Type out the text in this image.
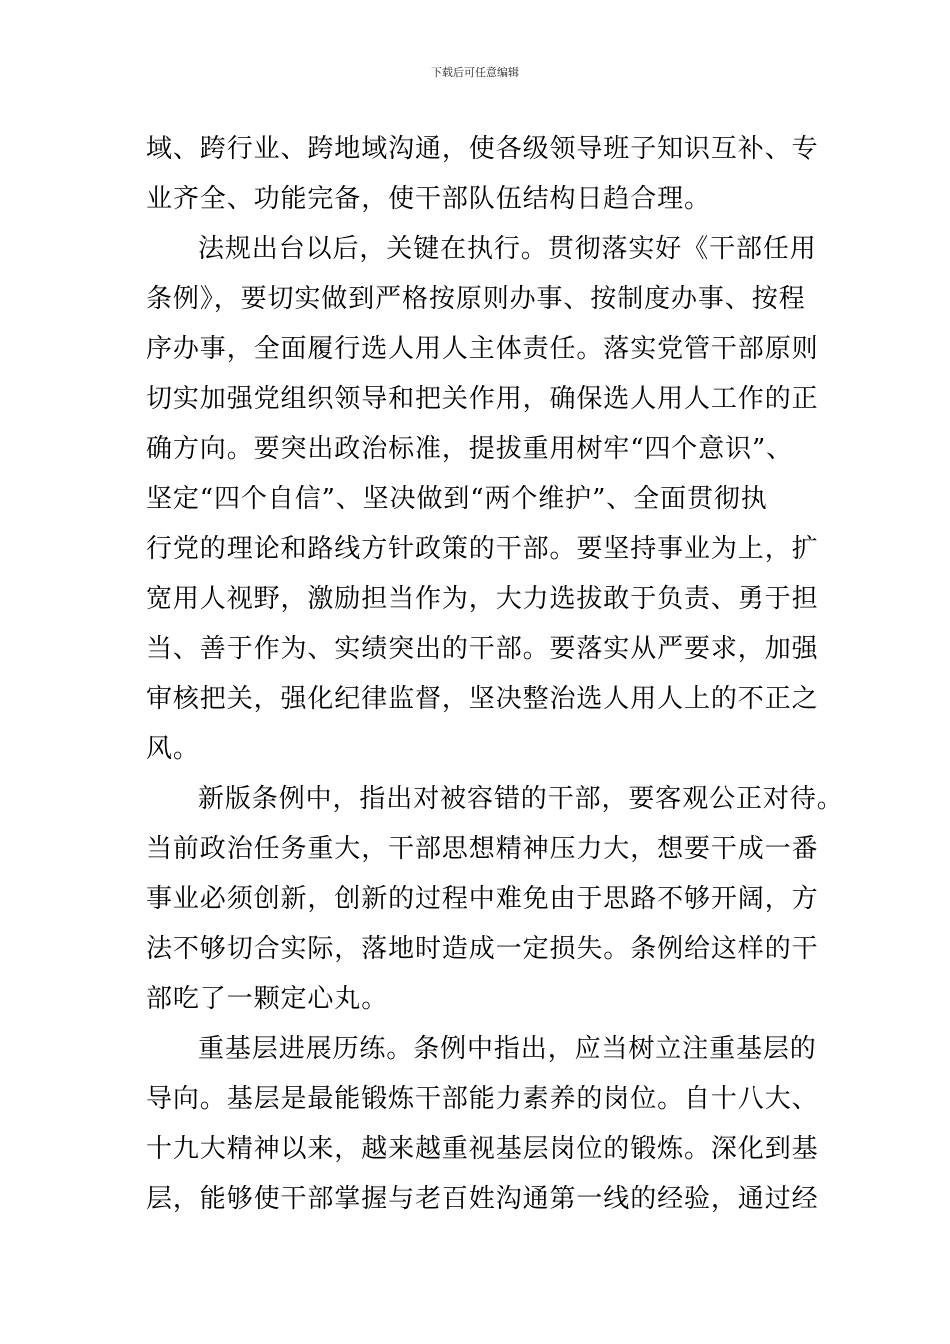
下载后可任意编辑
域、跨行业、跨地域沟通，使各级领导班子知识互补、专
业齐全、功能完备，使干部队伍结构日趋合理。
法规出台以后，关键在执行。贯彻落实好《干部任用
条例》，要切实做到严格按原则办事、按制度办事、按程
序办事，全面履行选人用人主体责任。落实党管干部原则
切实加强党组织领导和把关作用，确保选人用人工作的正
确方向。要突出政治标准，提拔重用树牢“四个意识”、
坚定“四个自信”、坚决做到“两个维护”、全面贯彻执
行党的理论和路线方针政策的干部。要坚持事业为上，扩
宽用人视野，激励担当作为，大力选拔敢于负责、勇于担
当、善于作为、实绩突出的干部。要落实从严要求，加强
审核把关，强化纪律监督，坚决整治选人用人上的不正之
风。
新版条例中，指出对被容错的干部，要客观公正对待。
当前政治任务重大，干部思想精神压力大，想要干成一番
事业必须创新，创新的过程中难免由于思路不够开阔，方
法不够切合实际，落地时造成一定损失。条例给这样的干
部吃了一颗定心丸。
重基层进展历练。条例中指出，应当树立注重基层的
导向。基层是最能锻炼干部能力素养的岗位。自十八大、
十九大精神以来，越来越重视基层岗位的锻炼。深化到基
层，能够使干部掌握与老百姓沟通第一线的经验，通过经
